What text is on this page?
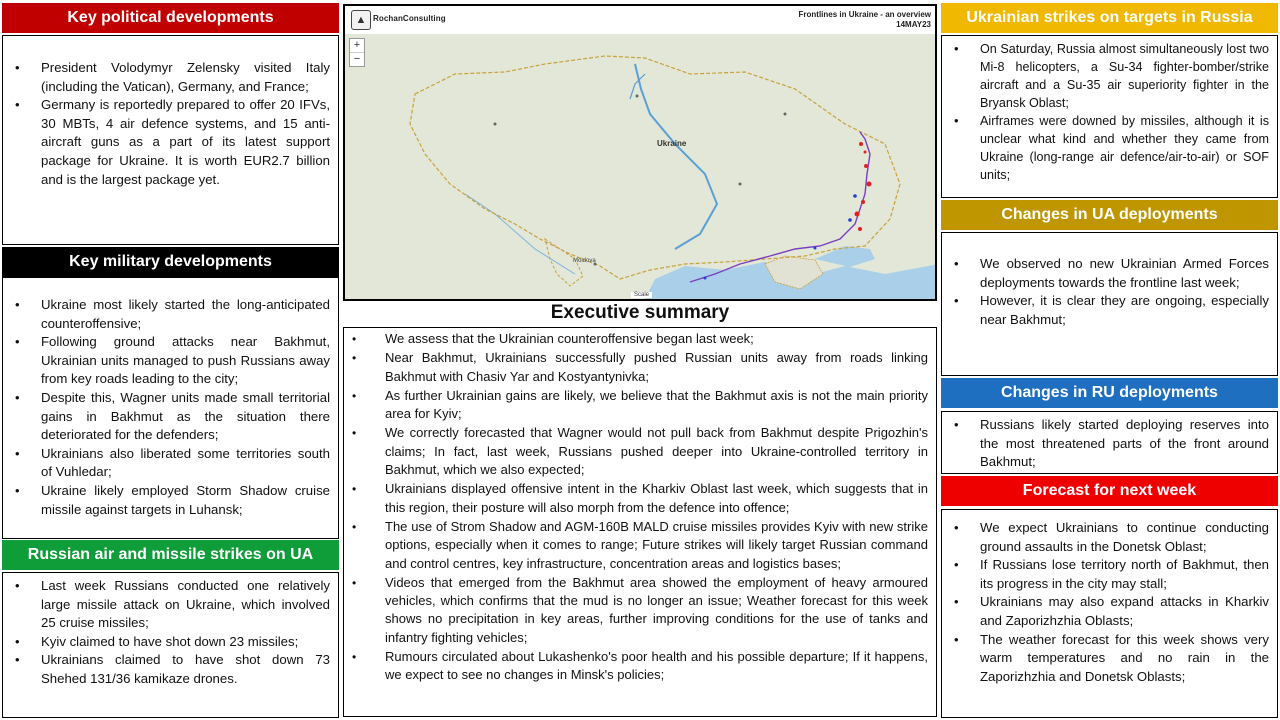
Key political developments
• President Volodymyr Zelensky visited Italy (including the Vatican), Germany, and France;
• Germany is reportedly prepared to offer 20 IFVs, 30 MBTs, 4 air defence systems, and 15 anti-aircraft guns as a part of its latest support package for Ukraine. It is worth EUR2.7 billion and is the largest package yet.
Key military developments
• Ukraine most likely started the long-anticipated counteroffensive;
• Following ground attacks near Bakhmut, Ukrainian units managed to push Russians away from key roads leading to the city;
• Despite this, Wagner units made small territorial gains in Bakhmut as the situation there deteriorated for the defenders;
• Ukrainians also liberated some territories south of Vuhledar;
• Ukraine likely employed Storm Shadow cruise missile against targets in Luhansk;
Russian air and missile strikes on UA
• Last week Russians conducted one relatively large missile attack on Ukraine, which involved 25 cruise missiles;
• Kyiv claimed to have shot down 23 missiles;
• Ukrainians claimed to have shot down 73 Shehed 131/36 kamikaze drones.
▲ RochanConsulting	Frontlines in Ukraine - an overview
14MAY23
Ukraine
Moldova
+
−
Scale
Executive summary
• We assess that the Ukrainian counteroffensive began last week;
• Near Bakhmut, Ukrainians successfully pushed Russian units away from roads linking Bakhmut with Chasiv Yar and Kostyantynivka;
• As further Ukrainian gains are likely, we believe that the Bakhmut axis is not the main priority area for Kyiv;
• We correctly forecasted that Wagner would not pull back from Bakhmut despite Prigozhin's claims; In fact, last week, Russians pushed deeper into Ukraine-controlled territory in Bakhmut, which we also expected;
• Ukrainians displayed offensive intent in the Kharkiv Oblast last week, which suggests that in this region, their posture will also morph from the defence into offence;
• The use of Strom Shadow and AGM-160B MALD cruise missiles provides Kyiv with new strike options, especially when it comes to range; Future strikes will likely target Russian command and control centres, key infrastructure, concentration areas and logistics bases;
• Videos that emerged from the Bakhmut area showed the employment of heavy armoured vehicles, which confirms that the mud is no longer an issue; Weather forecast for this week shows no precipitation in key areas, further improving conditions for the use of tanks and infantry fighting vehicles;
• Rumours circulated about Lukashenko's poor health and his possible departure; If it happens, we expect to see no changes in Minsk's policies;
Ukrainian strikes on targets in Russia
• On Saturday, Russia almost simultaneously lost two Mi-8 helicopters, a Su-34 fighter-bomber/strike aircraft and a Su-35 air superiority fighter in the Bryansk Oblast;
• Airframes were downed by missiles, although it is unclear what kind and whether they came from Ukraine (long-range air defence/air-to-air) or SOF units;
Changes in UA deployments
• We observed no new Ukrainian Armed Forces deployments towards the frontline last week;
• However, it is clear they are ongoing, especially near Bakhmut;
Changes in RU deployments
• Russians likely started deploying reserves into the most threatened parts of the front around Bakhmut;
Forecast for next week
• We expect Ukrainians to continue conducting ground assaults in the Donetsk Oblast;
• If Russians lose territory north of Bakhmut, then its progress in the city may stall;
• Ukrainians may also expand attacks in Kharkiv and Zaporizhzhia Oblasts;
• The weather forecast for this week shows very warm temperatures and no rain in the Zaporizhzhia and Donetsk Oblasts;
